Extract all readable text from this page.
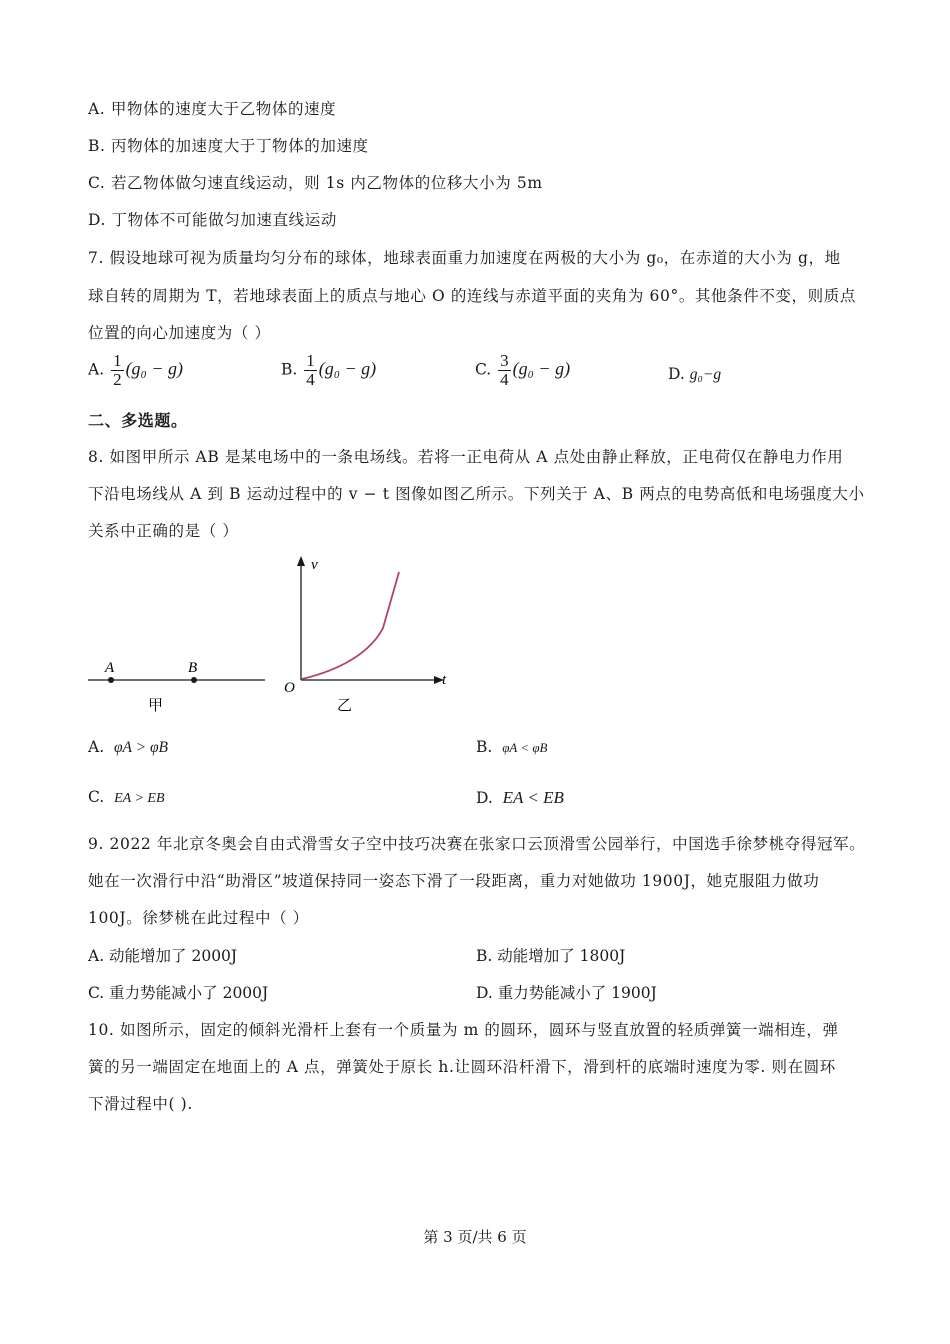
A. 甲物体的速度大于乙物体的速度
B. 丙物体的加速度大于丁物体的加速度
C. 若乙物体做匀速直线运动，则 1s 内乙物体的位移大小为 5m
D. 丁物体不可能做匀加速直线运动
7. 假设地球可视为质量均匀分布的球体，地球表面重力加速度在两极的大小为 g₀，在赤道的大小为 g，地
球自转的周期为 T，若地球表面上的质点与地心 O 的连线与赤道平面的夹角为 60°。其他条件不变，则质点
位置的向心加速度为（ ）
A. $\frac{1}{2} (g_0 - g)$	B. $\frac{1}{4} (g_0 - g)$	C. $\frac{3}{4} (g_0 - g)$	D. g₀−g
二、多选题。
8. 如图甲所示 AB 是某电场中的一条电场线。若将一正电荷从 A 点处由静止释放，正电荷仅在静电力作用
下沿电场线从 A 到 B 运动过程中的 v − t 图像如图乙所示。下列关于 A、B 两点的电势高低和电场强度大小
关系中正确的是（ ）
A	B
甲
v
t
O
乙
A. φA > φB	B. φA < φB
C. EA > EB	D. EA < EB
9. 2022 年北京冬奥会自由式滑雪女子空中技巧决赛在张家口云顶滑雪公园举行，中国选手徐梦桃夺得冠军。
她在一次滑行中沿“助滑区”坡道保持同一姿态下滑了一段距离，重力对她做功 1900J，她克服阻力做功
100J。徐梦桃在此过程中（ ）
A. 动能增加了 2000J	B. 动能增加了 1800J
C. 重力势能减小了 2000J	D. 重力势能减小了 1900J
10. 如图所示，固定的倾斜光滑杆上套有一个质量为 m 的圆环，圆环与竖直放置的轻质弹簧一端相连，弹
簧的另一端固定在地面上的 A 点，弹簧处于原长 h.让圆环沿杆滑下，滑到杆的底端时速度为零. 则在圆环
下滑过程中( ).
第 3 页/共 6 页
